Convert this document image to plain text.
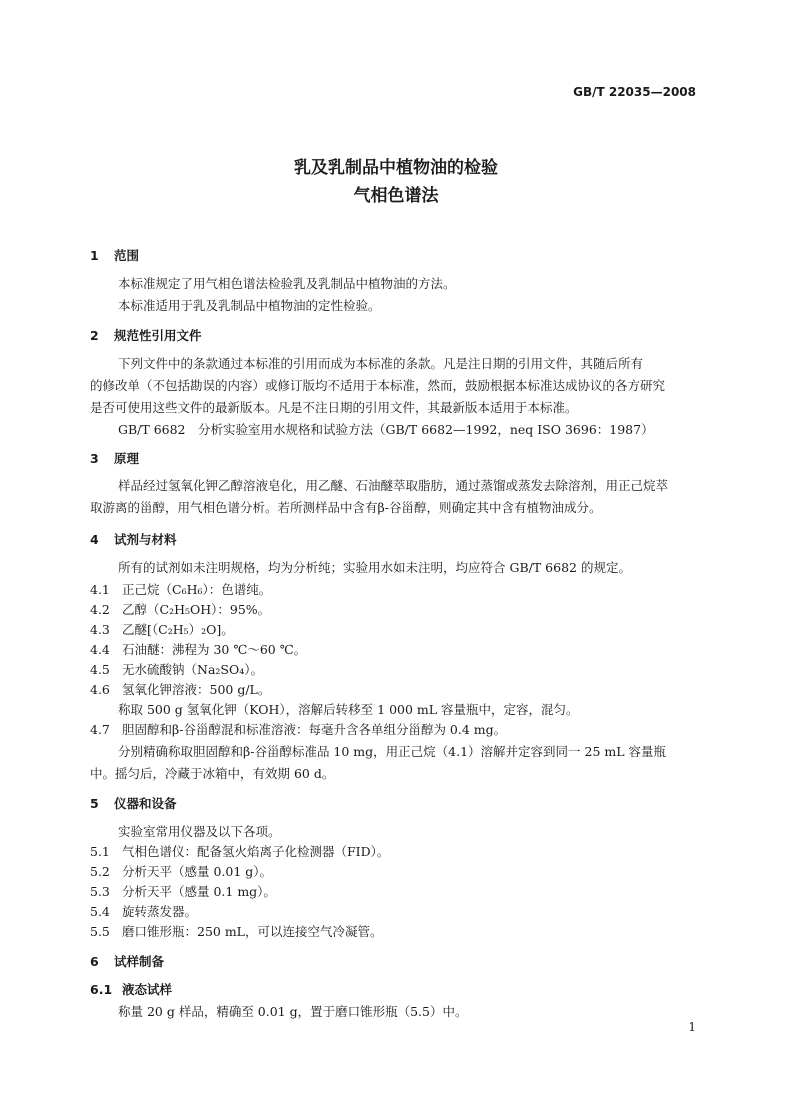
GB/T 22035—2008
乳及乳制品中植物油的检验
气相色谱法
1 范围
本标准规定了用气相色谱法检验乳及乳制品中植物油的方法。
本标准适用于乳及乳制品中植物油的定性检验。
2 规范性引用文件
下列文件中的条款通过本标准的引用而成为本标准的条款。凡是注日期的引用文件，其随后所有
的修改单（不包括勘误的内容）或修订版均不适用于本标准，然而，鼓励根据本标准达成协议的各方研究
是否可使用这些文件的最新版本。凡是不注日期的引用文件，其最新版本适用于本标准。
GB/T 6682　分析实验室用水规格和试验方法（GB/T 6682—1992，neq ISO 3696：1987）
3 原理
样品经过氢氧化钾乙醇溶液皂化，用乙醚、石油醚萃取脂肪，通过蒸馏或蒸发去除溶剂，用正己烷萃
取游离的甾醇，用气相色谱分析。若所测样品中含有β-谷甾醇，则确定其中含有植物油成分。
4 试剂与材料
所有的试剂如未注明规格，均为分析纯；实验用水如未注明，均应符合 GB/T 6682 的规定。
4.1 正己烷（C₆H₆）：色谱纯。
4.2 乙醇（C₂H₅OH）：95%。
4.3 乙醚[（C₂H₅）₂O]。
4.4 石油醚：沸程为 30 ℃～60 ℃。
4.5 无水硫酸钠（Na₂SO₄）。
4.6 氢氧化钾溶液：500 g/L。
称取 500 g 氢氧化钾（KOH），溶解后转移至 1 000 mL 容量瓶中，定容，混匀。
4.7 胆固醇和β-谷甾醇混和标准溶液：每毫升含各单组分甾醇为 0.4 mg。
分别精确称取胆固醇和β-谷甾醇标准品 10 mg，用正己烷（4.1）溶解并定容到同一 25 mL 容量瓶
中。摇匀后，冷藏于冰箱中，有效期 60 d。
5 仪器和设备
实验室常用仪器及以下各项。
5.1 气相色谱仪：配备氢火焰离子化检测器（FID）。
5.2 分析天平（感量 0.01 g）。
5.3 分析天平（感量 0.1 mg）。
5.4 旋转蒸发器。
5.5 磨口锥形瓶：250 mL，可以连接空气冷凝管。
6 试样制备
6.1 液态试样
称量 20 g 样品，精确至 0.01 g，置于磨口锥形瓶（5.5）中。
1
